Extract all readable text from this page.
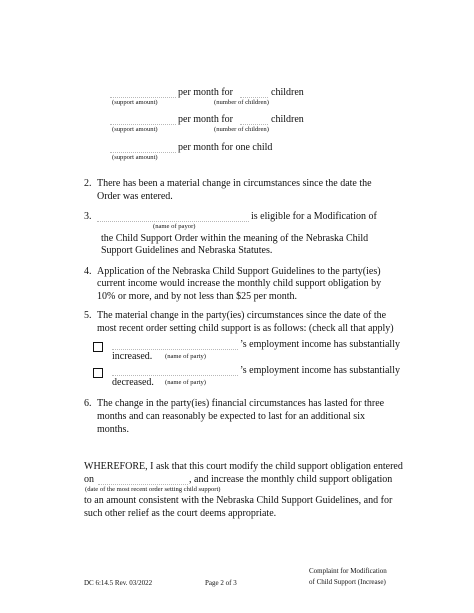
per month for	children
(support amount)	(number of children)
per month for	children
(support amount)	(number of children)
per month for one child
(support amount)
2. There has been a material change in circumstances since the date the
Order was entered.
3.	is eligible for a Modification of
(name of payor)
the Child Support Order within the meaning of the Nebraska Child
Support Guidelines and Nebraska Statutes.
4. Application of the Nebraska Child Support Guidelines to the party(ies)
current income would increase the monthly child support obligation by
10% or more, and by not less than $25 per month.
5. The material change in the party(ies) circumstances since the date of the
most recent order setting child support is as follows: (check all that apply)
’s employment income has substantially
increased. (name of party)
’s employment income has substantially
decreased. (name of party)
6. The change in the party(ies) financial circumstances has lasted for three
months and can reasonably be expected to last for an additional six
months.
WHEREFORE, I ask that this court modify the child support obligation entered
on	, and increase the monthly child support obligation
(date of the most recent order setting child support)
to an amount consistent with the Nebraska Child Support Guidelines, and for
such other relief as the court deems appropriate.
DC 6:14.5 Rev. 03/2022	Page 2 of 3
Complaint for Modification
of Child Support (Increase)
